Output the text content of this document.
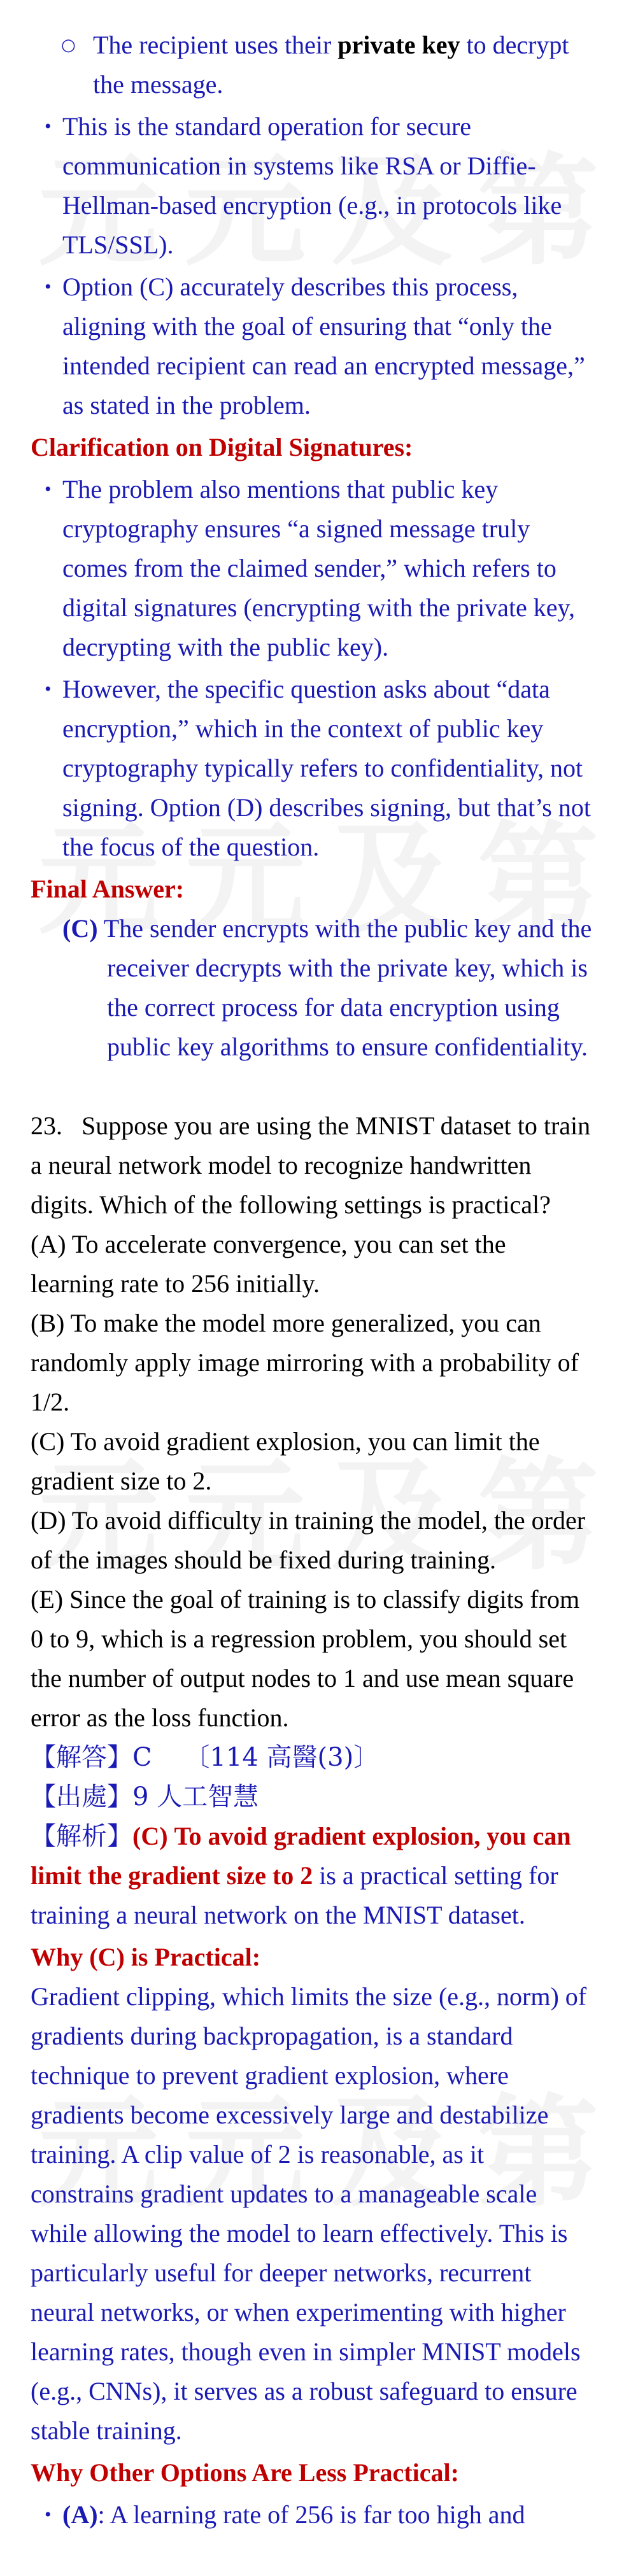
○ The recipient uses their private key to decrypt the message.
• This is the standard operation for secure communication in systems like RSA or Diffie-Hellman-based encryption (e.g., in protocols like TLS/SSL).
• Option (C) accurately describes this process, aligning with the goal of ensuring that “only the intended recipient can read an encrypted message,” as stated in the problem.
Clarification on Digital Signatures:
• The problem also mentions that public key cryptography ensures “a signed message truly comes from the claimed sender,” which refers to digital signatures (encrypting with the private key, decrypting with the public key).
• However, the specific question asks about “data encryption,” which in the context of public key cryptography typically refers to confidentiality, not signing. Option (D) describes signing, but that’s not the focus of the question.
Final Answer:
(C) The sender encrypts with the public key and the receiver decrypts with the private key, which is the correct process for data encryption using public key algorithms to ensure confidentiality.
23. Suppose you are using the MNIST dataset to train a neural network model to recognize handwritten digits. Which of the following settings is practical?
(A) To accelerate convergence, you can set the learning rate to 256 initially.
(B) To make the model more generalized, you can randomly apply image mirroring with a probability of 1/2.
(C) To avoid gradient explosion, you can limit the gradient size to 2.
(D) To avoid difficulty in training the model, the order of the images should be fixed during training.
(E) Since the goal of training is to classify digits from 0 to 9, which is a regression problem, you should set the number of output nodes to 1 and use mean square error as the loss function.
【解答】C 〔114 高醫(3)〕
【出處】9 人工智慧
【解析】(C) To avoid gradient explosion, you can limit the gradient size to 2 is a practical setting for training a neural network on the MNIST dataset.
Why (C) is Practical:
Gradient clipping, which limits the size (e.g., norm) of gradients during backpropagation, is a standard technique to prevent gradient explosion, where gradients become excessively large and destabilize training. A clip value of 2 is reasonable, as it constrains gradient updates to a manageable scale while allowing the model to learn effectively. This is particularly useful for deeper networks, recurrent neural networks, or when experimenting with higher learning rates, though even in simpler MNIST models (e.g., CNNs), it serves as a robust safeguard to ensure stable training.
Why Other Options Are Less Practical:
• (A): A learning rate of 256 is far too high and
